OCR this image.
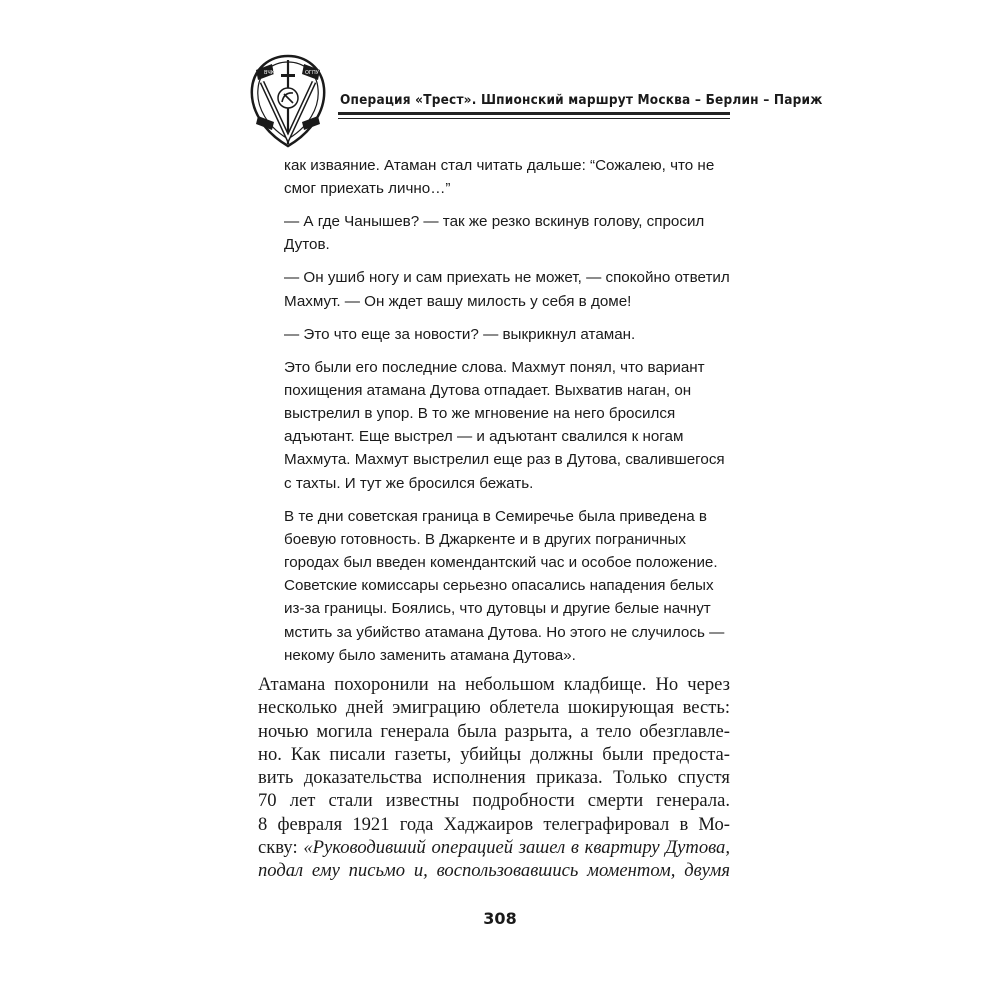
ВЧК	ОГПУ
Операция «Трест». Шпионский маршрут Москва – Берлин – Париж

как изваяние. Атаман стал читать дальше: “Сожалею, что не смог приехать лично…”

— А где Чанышев? — так же резко вскинув голову, спросил Дутов.

— Он ушиб ногу и сам приехать не может, — спокойно ответил Махмут. — Он ждет вашу милость у себя в доме!

— Это что еще за новости? — выкрикнул атаман.

Это были его последние слова. Махмут понял, что вариант похищения атамана Дутова отпадает. Выхватив наган, он выстрелил в упор. В то же мгновение на него бросился адъютант. Еще выстрел — и адъютант свалился к ногам Махмута. Махмут выстрелил еще раз в Дутова, свалившегося с тахты. И тут же бросился бежать.

В те дни советская граница в Семиречье была приведена в боевую готовность. В Джаркенте и в других пограничных городах был введен комендантский час и особое положение. Советские комиссары серьезно опасались нападения белых из-за границы. Боялись, что дутовцы и другие белые начнут мстить за убийство атамана Дутова. Но этого не случилось — некому было заменить атамана Дутова».

Атамана похоронили на небольшом кладбище. Но через
несколько дней эмиграцию облетела шокирующая весть:
ночью могила генерала была разрыта, а тело обезглавле-
но. Как писали газеты, убийцы должны были предоста-
вить доказательства исполнения приказа. Только спустя
70 лет стали известны подробности смерти генерала.
8 февраля 1921 года Хаджаиров телеграфировал в Мо-
скву: «Руководивший операцией зашел в квартиру Дутова,
подал ему письмо и, воспользовавшись моментом, двумя
308
